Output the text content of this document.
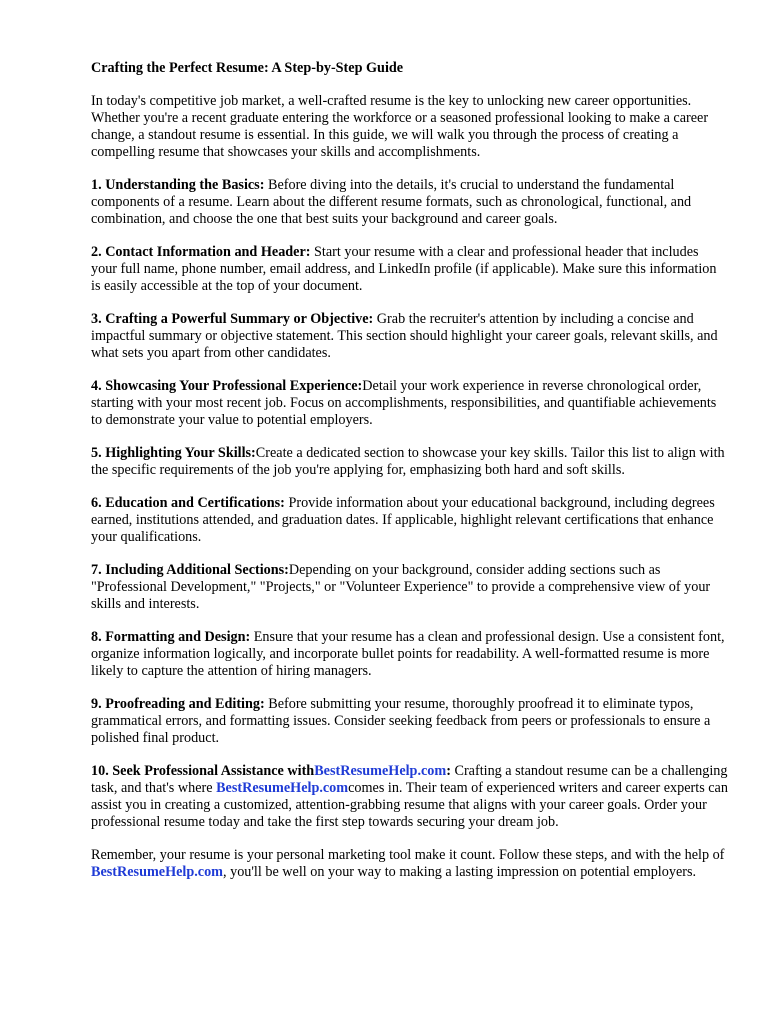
Crafting the Perfect Resume: A Step-by-Step Guide

In today's competitive job market, a well-crafted resume is the key to unlocking new career opportunities. Whether you're a recent graduate entering the workforce or a seasoned professional looking to make a career change, a standout resume is essential. In this guide, we will walk you through the process of creating a compelling resume that showcases your skills and accomplishments.

1. Understanding the Basics: Before diving into the details, it's crucial to understand the fundamental components of a resume. Learn about the different resume formats, such as chronological, functional, and combination, and choose the one that best suits your background and career goals.

2. Contact Information and Header: Start your resume with a clear and professional header that includes your full name, phone number, email address, and LinkedIn profile (if applicable). Make sure this information is easily accessible at the top of your document.

3. Crafting a Powerful Summary or Objective: Grab the recruiter's attention by including a concise and impactful summary or objective statement. This section should highlight your career goals, relevant skills, and what sets you apart from other candidates.

4. Showcasing Your Professional Experience:Detail your work experience in reverse chronological order, starting with your most recent job. Focus on accomplishments, responsibilities, and quantifiable achievements to demonstrate your value to potential employers.

5. Highlighting Your Skills:Create a dedicated section to showcase your key skills. Tailor this list to align with the specific requirements of the job you're applying for, emphasizing both hard and soft skills.

6. Education and Certifications: Provide information about your educational background, including degrees earned, institutions attended, and graduation dates. If applicable, highlight relevant certifications that enhance your qualifications.

7. Including Additional Sections:Depending on your background, consider adding sections such as "Professional Development," "Projects," or "Volunteer Experience" to provide a comprehensive view of your skills and interests.

8. Formatting and Design: Ensure that your resume has a clean and professional design. Use a consistent font, organize information logically, and incorporate bullet points for readability. A well-formatted resume is more likely to capture the attention of hiring managers.

9. Proofreading and Editing: Before submitting your resume, thoroughly proofread it to eliminate typos, grammatical errors, and formatting issues. Consider seeking feedback from peers or professionals to ensure a polished final product.

10. Seek Professional Assistance withBestResumeHelp.com: Crafting a standout resume can be a challenging task, and that's where BestResumeHelp.comcomes in. Their team of experienced writers and career experts can assist you in creating a customized, attention-grabbing resume that aligns with your career goals. Order your professional resume today and take the first step towards securing your dream job.

Remember, your resume is your personal marketing tool make it count. Follow these steps, and with the help of BestResumeHelp.com, you'll be well on your way to making a lasting impression on potential employers.
